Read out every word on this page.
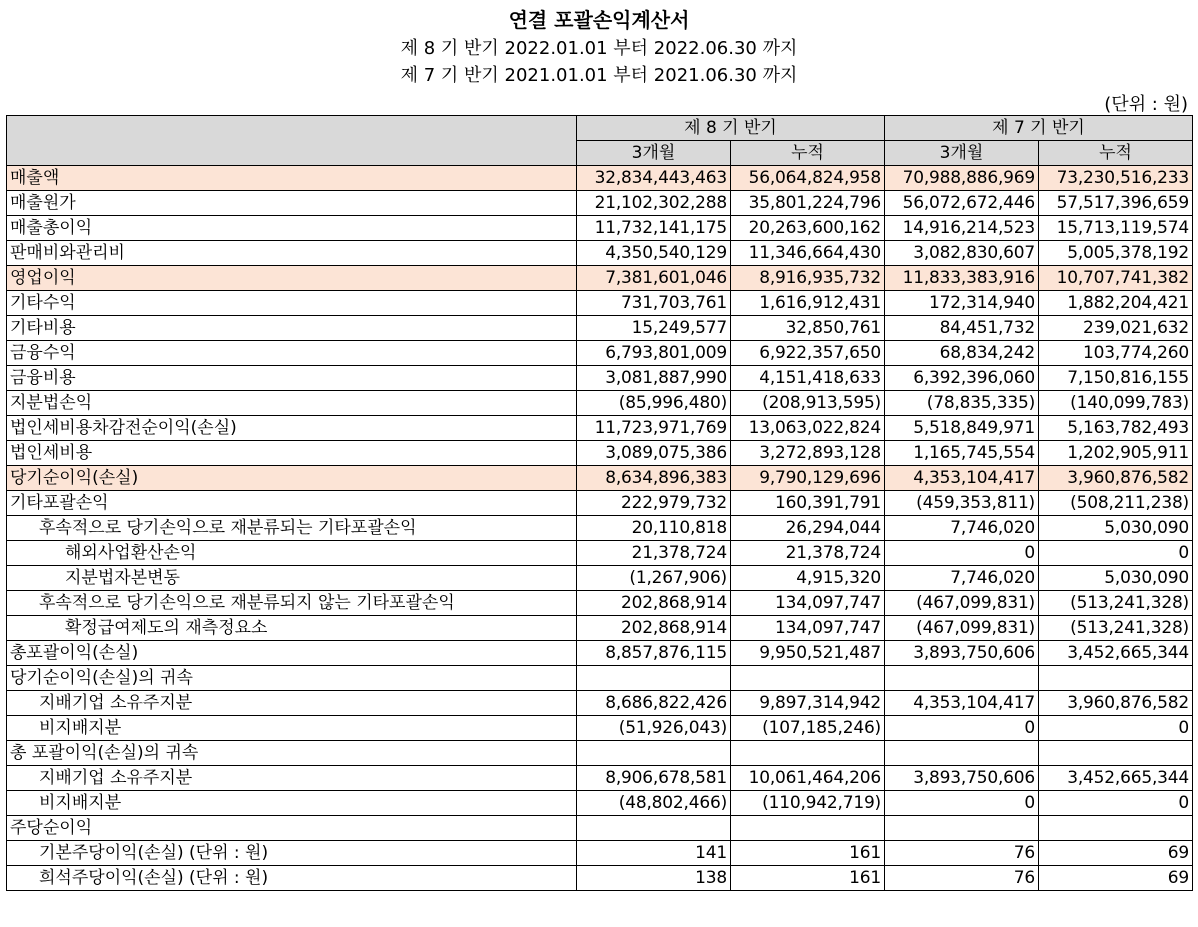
연결 포괄손익계산서
제 8 기 반기 2022.01.01 부터 2022.06.30 까지
제 7 기 반기 2021.01.01 부터 2021.06.30 까지
(단위 : 원)
	제 8 기 반기		제 7 기 반기	
	3개월	누적	3개월	누적
매출액	32,834,443,463	56,064,824,958	70,988,886,969	73,230,516,233
매출원가	21,102,302,288	35,801,224,796	56,072,672,446	57,517,396,659
매출총이익	11,732,141,175	20,263,600,162	14,916,214,523	15,713,119,574
판매비와관리비	4,350,540,129	11,346,664,430	3,082,830,607	5,005,378,192
영업이익	7,381,601,046	8,916,935,732	11,833,383,916	10,707,741,382
기타수익	731,703,761	1,616,912,431	172,314,940	1,882,204,421
기타비용	15,249,577	32,850,761	84,451,732	239,021,632
금융수익	6,793,801,009	6,922,357,650	68,834,242	103,774,260
금융비용	3,081,887,990	4,151,418,633	6,392,396,060	7,150,816,155
지분법손익	(85,996,480)	(208,913,595)	(78,835,335)	(140,099,783)
법인세비용차감전순이익(손실)	11,723,971,769	13,063,022,824	5,518,849,971	5,163,782,493
법인세비용	3,089,075,386	3,272,893,128	1,165,745,554	1,202,905,911
당기순이익(손실)	8,634,896,383	9,790,129,696	4,353,104,417	3,960,876,582
기타포괄손익	222,979,732	160,391,791	(459,353,811)	(508,211,238)
후속적으로 당기손익으로 재분류되는 기타포괄손익	20,110,818	26,294,044	7,746,020	5,030,090
해외사업환산손익	21,378,724	21,378,724	0	0
지분법자본변동	(1,267,906)	4,915,320	7,746,020	5,030,090
후속적으로 당기손익으로 재분류되지 않는 기타포괄손익	202,868,914	134,097,747	(467,099,831)	(513,241,328)
확정급여제도의 재측정요소	202,868,914	134,097,747	(467,099,831)	(513,241,328)
총포괄이익(손실)	8,857,876,115	9,950,521,487	3,893,750,606	3,452,665,344
당기순이익(손실)의 귀속				
지배기업 소유주지분	8,686,822,426	9,897,314,942	4,353,104,417	3,960,876,582
비지배지분	(51,926,043)	(107,185,246)	0	0
총 포괄이익(손실)의 귀속				
지배기업 소유주지분	8,906,678,581	10,061,464,206	3,893,750,606	3,452,665,344
비지배지분	(48,802,466)	(110,942,719)	0	0
주당순이익				
기본주당이익(손실) (단위 : 원)	141	161	76	69
희석주당이익(손실) (단위 : 원)	138	161	76	69
